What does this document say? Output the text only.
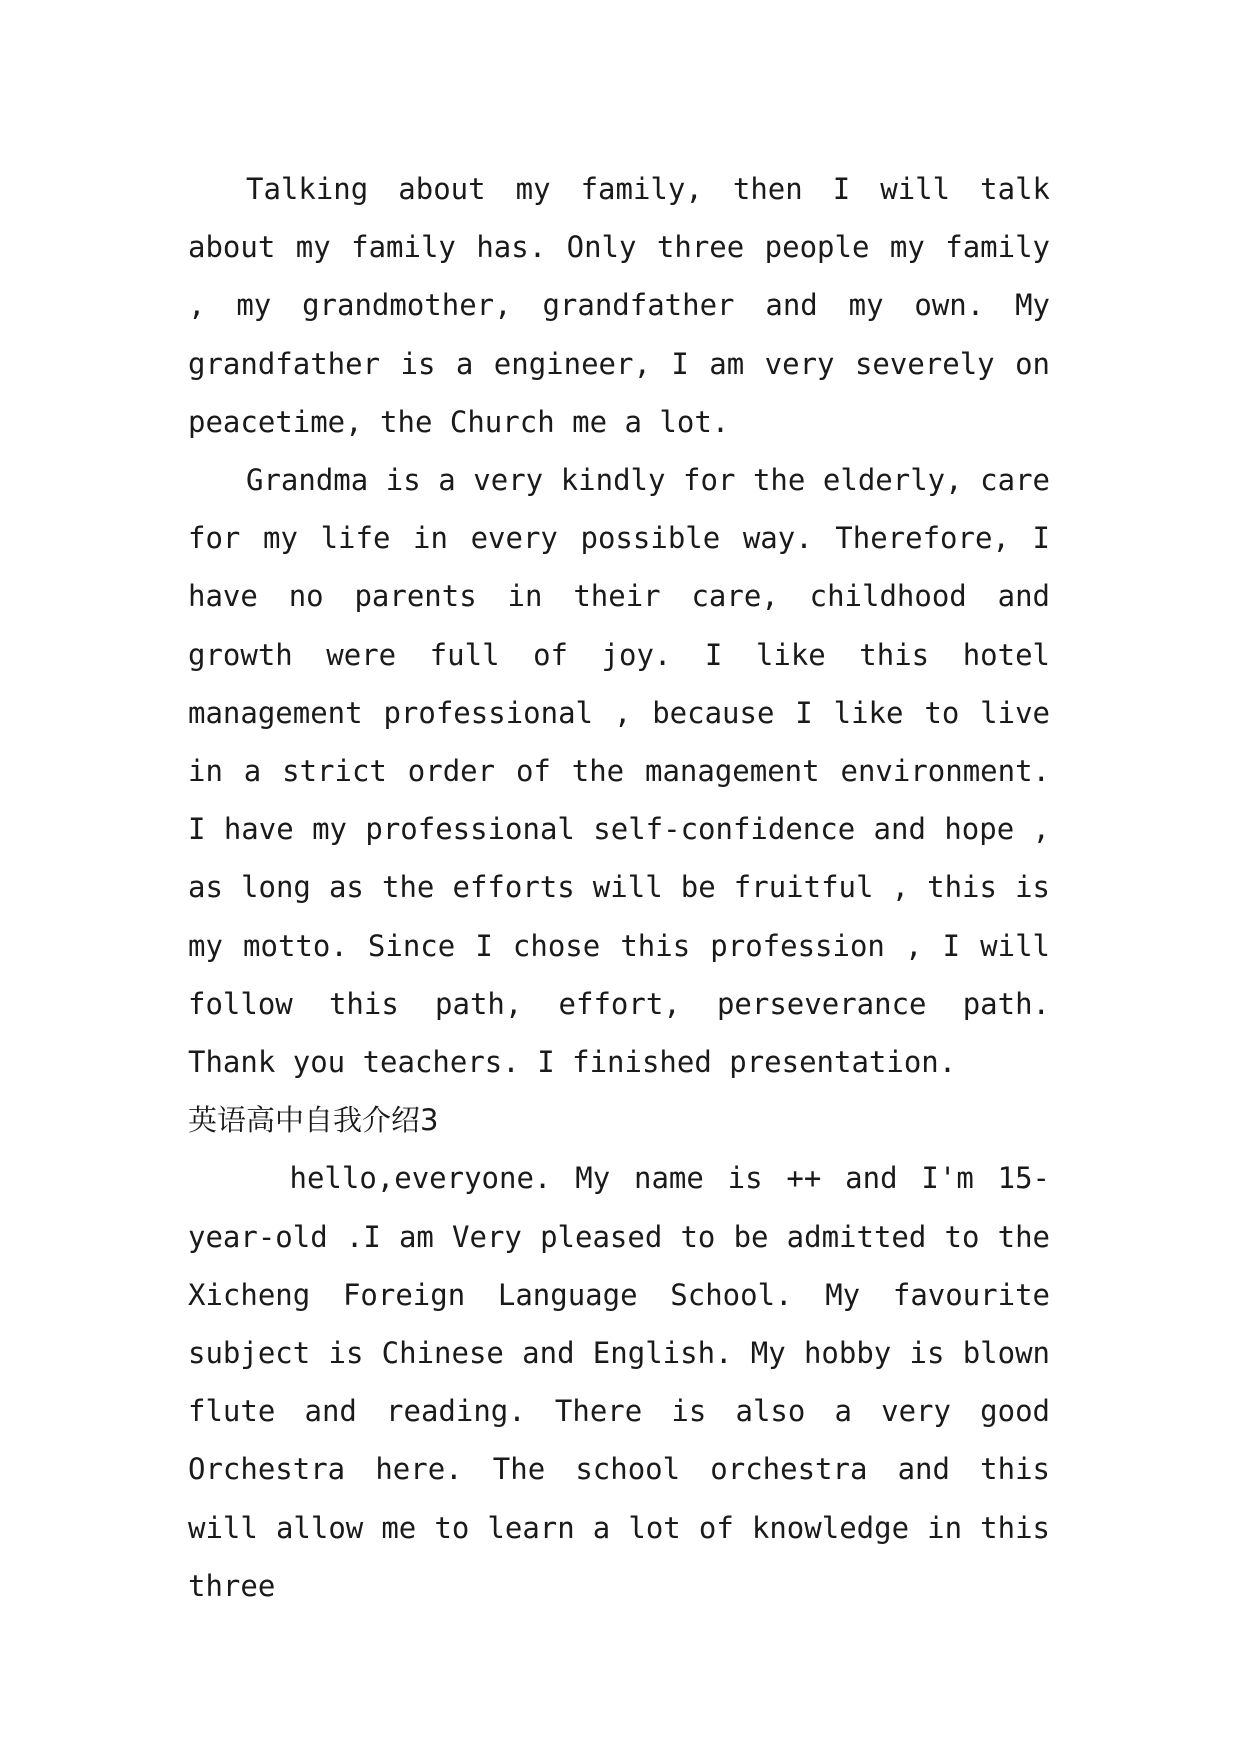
Talking about my family, then I will talk about my family has. Only three people my family , my grandmother, grandfather and my own. My grandfather is a engineer, I am very severely on peacetime, the Church me a lot.

Grandma is a very kindly for the elderly, care for my life in every possible way. Therefore, I have no parents in their care, childhood and growth were full of joy. I like this hotel management professional , because I like to live in a strict order of the management environment. I have my professional self-confidence and hope , as long as the efforts will be fruitful , this is my motto. Since I chose this profession , I will follow this path, effort, perseverance path. Thank you teachers. I finished presentation.

英语高中自我介绍3

hello,everyone. My name is ++ and I'm 15-year-old .I am Very pleased to be admitted to the Xicheng Foreign Language School. My favourite subject is Chinese and English. My hobby is blown flute and reading. There is also a very good Orchestra here. The school orchestra and this will allow me to learn a lot of knowledge in this three
